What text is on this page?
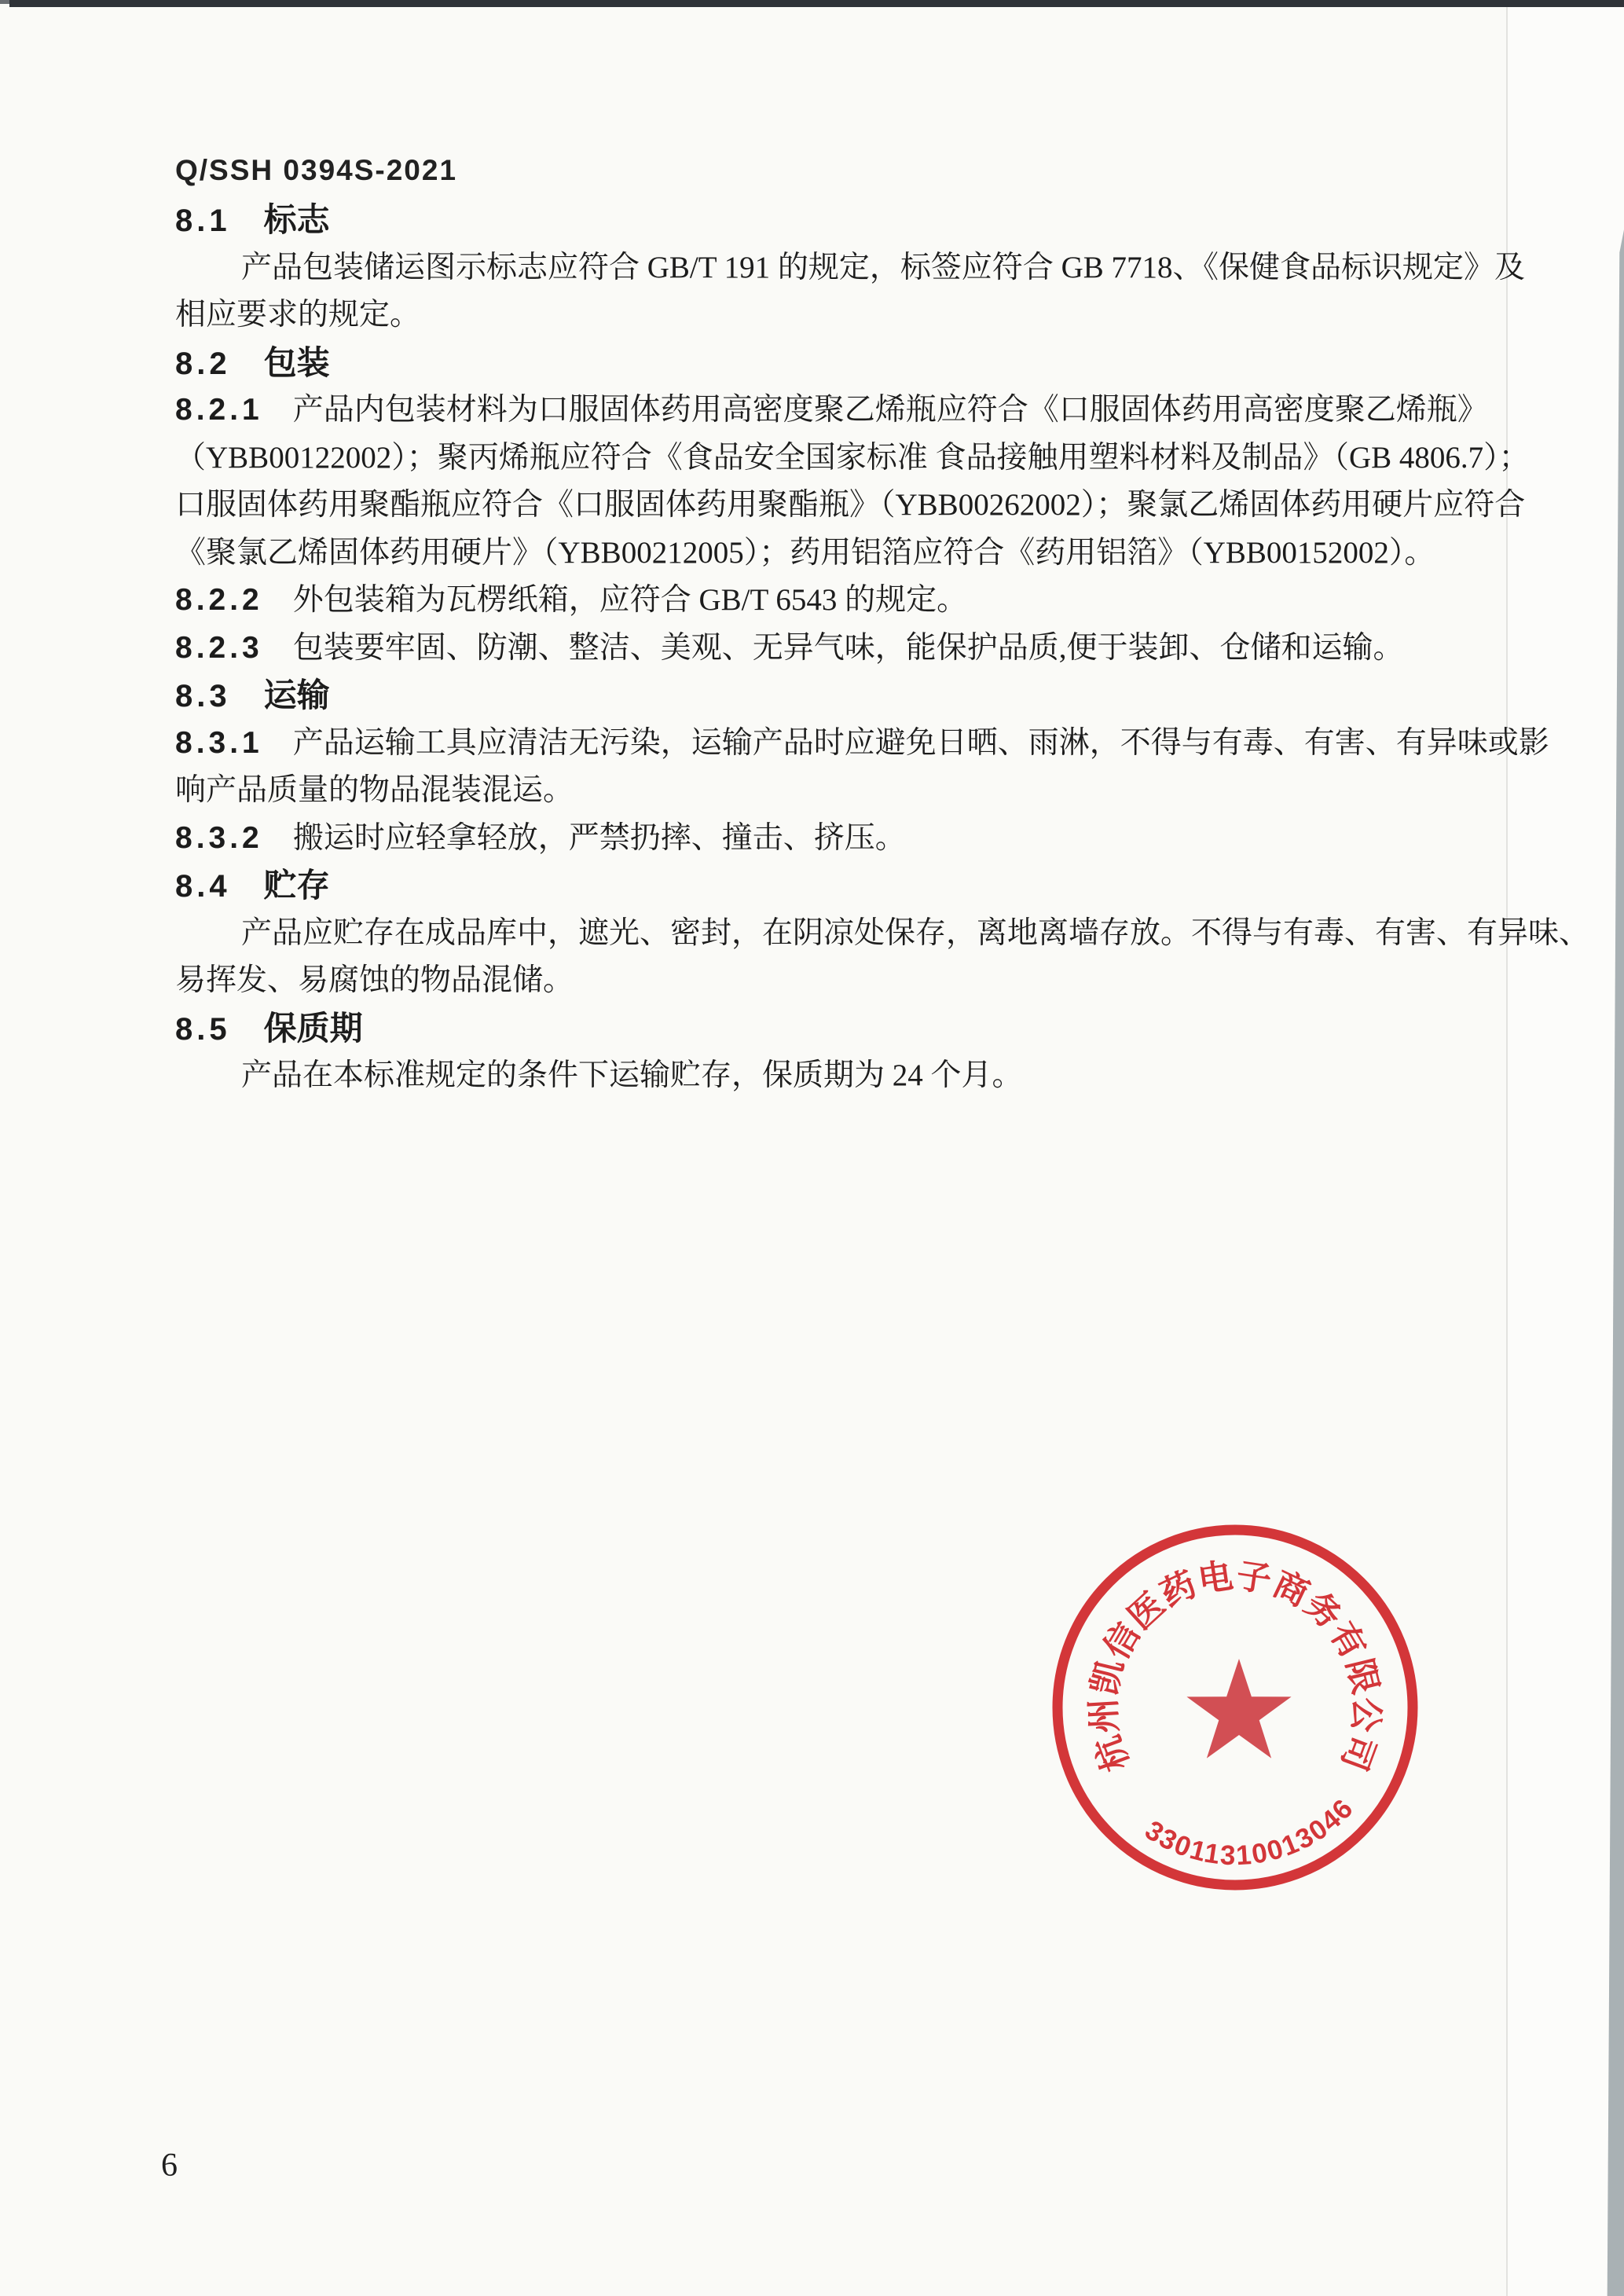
Q/SSH 0394S-2021
8.1 标志
产品包装储运图示标志应符合 GB/T 191 的规定，标签应符合 GB 7718、《保健食品标识规定》及
相应要求的规定。
8.2 包装
8.2.1 产品内包装材料为口服固体药用高密度聚乙烯瓶应符合《口服固体药用高密度聚乙烯瓶》
（YBB00122002）；聚丙烯瓶应符合《食品安全国家标准 食品接触用塑料材料及制品》（GB 4806.7）；
口服固体药用聚酯瓶应符合《口服固体药用聚酯瓶》（YBB00262002）；聚氯乙烯固体药用硬片应符合
《聚氯乙烯固体药用硬片》（YBB00212005）；药用铝箔应符合《药用铝箔》（YBB00152002）。
8.2.2 外包装箱为瓦楞纸箱，应符合 GB/T 6543 的规定。
8.2.3 包装要牢固、防潮、整洁、美观、无异气味，能保护品质,便于装卸、仓储和运输。
8.3 运输
8.3.1 产品运输工具应清洁无污染，运输产品时应避免日晒、雨淋，不得与有毒、有害、有异味或影
响产品质量的物品混装混运。
8.3.2 搬运时应轻拿轻放，严禁扔摔、撞击、挤压。
8.4 贮存
产品应贮存在成品库中，遮光、密封，在阴凉处保存，离地离墙存放。不得与有毒、有害、有异味、
易挥发、易腐蚀的物品混储。
8.5 保质期
产品在本标准规定的条件下运输贮存，保质期为 24 个月。
杭州凯信医药电子商务有限公司
33011310013046
6
